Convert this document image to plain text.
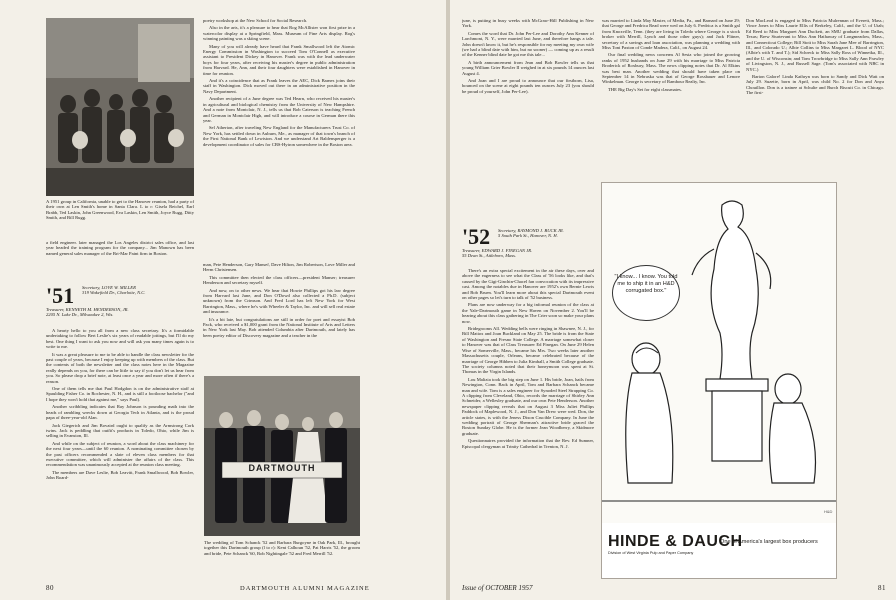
A 1951 group in California, unable to get to the Hanover reunion, had a party of their own at Len Smith's home in Santa Clara. L to r: Gisela Reichel, Earl Brabb, Ted Laskin, John Greenwood, Eva Laskin, Len Smith, Joyce Rugg, Ditty Smith, and Bill Rugg.

a field engineer. later managed the Los Angeles district sales office, and last year headed the training program for the company... Jim Manown has been named general sales manager of the Bri-Mar Paint firm in Boston.

'51	Secretary, LOVE W. MILLER
319 Wakefield Dr., Charlotte, N.C.
Treasurer, KENNETH M. HENDERSON, JR.
2205 N. Lake Dr., Milwaukee 2, Wis.

A hearty hello to you all from a new class secretary. It's a formidable undertaking to follow Bert Leslie's six years of readable jottings, but I'll do my best. One thing I want to ask you now and will ask you many times again is to write to me.

It was a great pleasure to me to be able to handle the class newsletter for the past couple of years, because I enjoy keeping up with members of the class. But the contents of both the newsletter and the class notes here in the Magazine really depends on you, for there can be little to say if you don't let us hear from you. So please drop a brief note, at least once a year and more often if there's a reason.

One of them tells me that Paul Hodgdon is on the administrative staff at Spaulding Fisher Co. in Rochester, N. H., and is still a footloose bachelor ("and I hope they won't hold that against me," says Paul).

Another scribbling indicates that Ray Johnson is pounding math into the heads of rambling wrecks down at Georgia Tech in Atlanta, and is the proud papa of three-year-old Alan.

Jack Giegerich and Jim Bovaird ought to qualify as the Armstrong Cork twins. Jack is peddling that outfit's products in Toledo, Ohio, while Jim is selling in Evanston, Ill.

And while on the subject of reunion, a word about the class machinery for the next four years—until the 60 reunion. A nominating committee chosen by the past officers recommended a slate of eleven class members for that executive committee, which will administer the affairs of the class. This recommendation was unanimously accepted at the reunion class meeting.

The members are Dave Leslie, Bob Leavitt, Frank Smallwood, Bob Bowler, John Board-

poetry workshop at the New School for Social Research.

Also in the arts, it's a pleasure to hear that Rog McAllister won first prize in a watercolor display at a Springfield, Mass. Museum of Fine Arts display. Rog's winning painting was a skiing scene.

Many of you will already have heard that Frank Smallwood left the Atomic Energy Commission in Washington to succeed Tom O'Connell as executive assistant to President Dickey in Hanover. Frank was with the lead underwater boys for four years, after receiving his master's degree in public administration from Harvard. He, Ann, and their four daughters were established in Hanover in time for reunion.

And it's a coincidence that as Frank leaves the AEC, Dick Barnes joins their staff in Washington. Dick moved out there in an administrative position in the Navy Department.

Another recipient of a June degree was Ted Hearn, who received his master's in agricultural and biological chemistry from the University of New Hampshire. And a note from Montclair, N. J., tells us that Bob Caterson is teaching French and German in Montclair High, and will introduce a course in German there this year.

Sel Atherton, after traveling New England for the Manufacturers Trust Co. of New York, has settled down in Auburn, Me., as manager of that town's branch of the First National Bank of Lewiston. And we understand Art Baldensperger is a development coordinator of sales for CBS-Hytron somewhere in the Boston area.

man, Pete Henderson, Gary Mansef, Dave Hilton, Jim Robertson, Love Miller and Herm Christensen.

This committee then elected the class officers—president Manser; treasurer Henderson and secretary myself.

And now, on to other news. We hear that Howie Phillips got his law degree from Harvard last June, and Don O'Dowd also collected a Ph.D. (subject unknown) from the Crimson. And Fred Lord has left New York for West Barrington, Mass., where he's with Wheeler & Taylor, Inc. and will sell real estate and insurance.

It's a bit late, but congratulations are still in order for poet and essayist Bob Pack, who received a $1,000 grant from the National Institute of Arts and Letters in New York last May. Bob attended Columbia after Dartmouth, and lately has been poetry editor of Discovery magazine and a teacher in the

DARTMOUTH
The wedding of Tom Schanck '52 and Barbara Burgoyne in Oak Park, Ill., brought together this Dartmouth group (l to r): Kent Calhoun '52, Pat Harris '52, the groom and bride, Pete Schanck '60, Bob Nightingale '52 and Fred Merrill '52.
80	DARTMOUTH ALUMNI MAGAZINE

june, is putting in busy weeks with McGraw-Hill Publishing in New York.

Comes the word that Dr. John Per-Lee and Dorothy Ann Kenner of Larchmont, N. Y., were married last June, and therefore hangs a tale. John doesn't know it, but he's responsible for my meeting my own wife (we had a blind date with him, but no sooner) — coming up as a result of the Kenner blind date he got me this tale...

A birth announcement from Jean and Bob Bowler tells us that young William Grier Bowler II weighed in at six pounds 14 ounces last August 4.

And Joan and I are proud to announce that our firstborn, Lisa, bounced on the scene at eight pounds ten ounces July 23 (you should be proud of yourself, John Per-Lee).

'52	Secretary, RAYMOND J. BUCK JR.
5 South Park St., Hanover, N. H.
Treasurer, EDWARD J. FINEGAN JR.
55 Dean St., Attleboro, Mass.

There's an extra special excitement in the air these days, over and above the eagerness to see what the Class of '56 looks like, and that's caused by the Gigi-Ginchin-Chacel fan convocation with its impressive cast. Among the notables due in Hanover are 1952's own Bernie Lewis and Bob Bruen. You'll learn more about this special Dartmouth event on other pages so let's turn to talk of '52 business.

Plans are now underway for a big informal reunion of the class at the Yale-Dartmouth game in New Haven on November 2. You'll be hearing about this class gathering in The Crier soon so make your plans now.

Bridegrooms All. Wedding bells were ringing in Shawnee, N. J., for Bill Mattox and Joan Buckland on May 25. The bride is from the State of Washington and Fresno State College. A marriage somewhat closer to Hanover was that of Class Treasurer Ed Finegan. On June 29 Helen Wise of Somerville, Mass., became his Mrs. Two weeks later another Massachusetts couple, Orleans, became celebrated because of the marriage of George Hibben to Julia Kimball, a Smith College graduate. The society columns noted that their honeymoon was spent at St. Thomas in the Virgin Islands.

Lou Malizia took the big step on June 1. His bride, Joan, hails from Newington, Conn. Back in April, Tom and Barbara Schanck became man and wife. Tom is a sales engineer for Synoded Steel Strapping Co. A clipping from Cleveland, Ohio, records the marriage of Shirley Ann Schneider, a Wellesley graduate, and our own Pete Henderson. Another newspaper clipping reveals that on August 3 Miss Juliet Phillips Paddock of Maplewood, N. J., and Don Van Drew were wed. Don, the article states, is with the Jeness Dixon Crucible Company. In June the wedding portrait of George Sherman's attractive bride graced the Boston Sunday Globe. He is the former Jean Woodberry, a Skidmore graduate.

Questionnaires provided the information that the Rev. Ed Sumner, Episcopal clergyman at Trinity Cathedral in Trenton, N. J.

was married to Linda May Master, of Media, Pa., and Barnard on June 29; that George and Fredrica Read were wed on July 6. Fredrica is a Smith gal from Knoxville, Tenn. (they are living in Toledo where George is a stock broker with Merrill, Lynch and those other guys); and Jack Flitner, secretary of a savings and loan association, was planning a wedding with Miss Toni Paxton of Conde Madera, Calif., on August 24.

Our final wedding news concerns Al Sesia who joined the growing ranks of 1952 husbands on June 29 with his marriage to Miss Patricia Broderick of Roxbury, Mass. The news clipping notes that Dr. Al Elkins was best man. Another wedding that should have taken place on September 14 in Nebraska was that of George Rossbauer and Lenore Winkelman. George is secretary of Rambour Realty, Inc.

THE Big Day's Set for eight classmates.

Don MacLeod is engaged to Miss Patricia Mulrennan of Everett, Mass.; Vince Jones to Miss Laurie Ellis of Berkeley, Calif., and the U. of Utah; Ed Reed to Miss Margaret Ann Duckett, an SMU graduate from Dallas, Texas; Brew Sturtevant to Miss Ann Hathaway of Longmeadow, Mass., and Connecticut College; Bill Stott to Miss Sarah Jane Mee of Barrington, Ill., and Colorado U.; Albie Collins to Miss Margaret L. Blood of NYC (Albie's with T. and T.); Sid Schreck to Miss Sally Ross of Winnetka, Ill., and the U. of Wisconsin; and Tom Trowbridge to Miss Sally Ann Frawley of Livingston, N. J., and Russell Sage. (Tom's associated with NBC in NYC.)

Barton Galore! Linda Kathryn was born to Sandy and Dick Watt on July 29. Suzette, born in April, was child No. 2 for Don and Anya Chouillon. Don is a trainee at Schulte and Burch Biscuit Co. in Chicago. The first-

Issue of OCTOBER 1957	81
H&D
"I know... I know. You told me to ship it in an H&D corrugated box."
HINDE & DAUCH
Division of West Virginia Pulp and Paper Company
One of America's largest box producers
